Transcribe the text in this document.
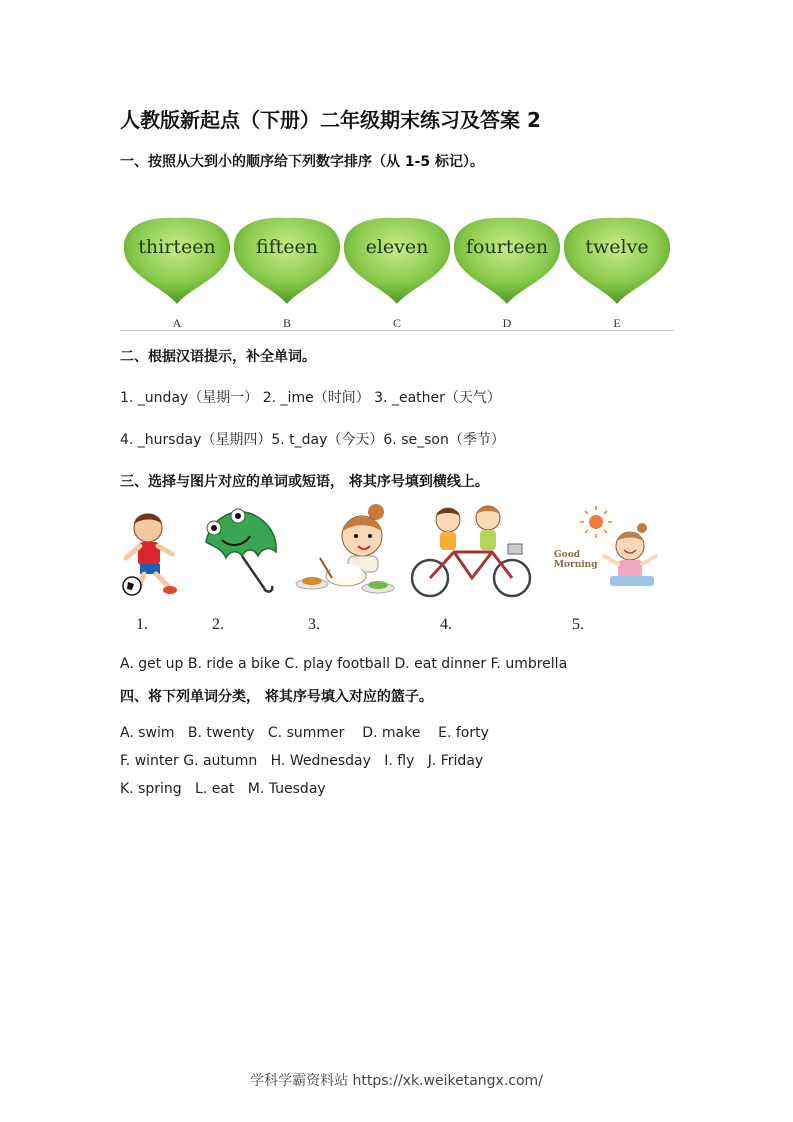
人教版新起点（下册）二年级期末练习及答案 2
一、按照从大到小的顺序给下列数字排序（从 1-5 标记）。
thirteen
A
fifteen
B
eleven
C
fourteen
D
twelve
E
二、根据汉语提示，补全单词。
1. _unday（星期一） 2. _ime（时间） 3. _eather（天气）
4. _hursday（星期四）5. t_day（今天）6. se_son（季节）
三、选择与图片对应的单词或短语， 将其序号填到横线上。
1.	2.	3.	4.
Good Morning
5.
A. get up B. ride a bike C. play football D. eat dinner F. umbrella
四、将下列单词分类， 将其序号填入对应的篮子。
A. swim   B. twenty   C. summer    D. make    E. forty
F. winter G. autumn   H. Wednesday   I. fly   J. Friday
K. spring   L. eat   M. Tuesday
学科学霸资料站 https://xk.weiketangx.com/
